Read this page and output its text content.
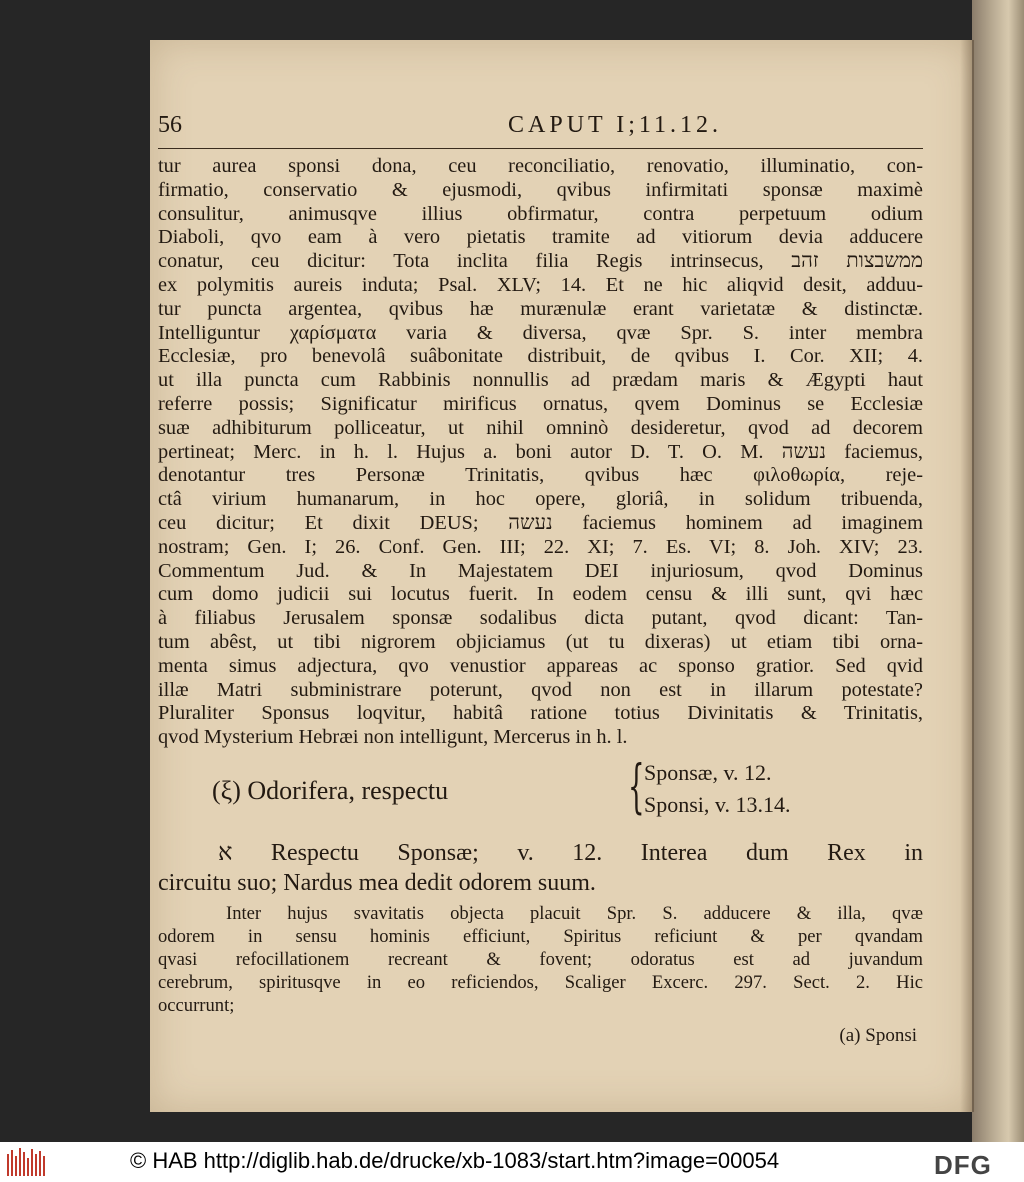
56	CAPUT I;11.12.
tur aurea sponsi dona, ceu reconciliatio, renovatio, illuminatio, con-
firmatio, conservatio & ejusmodi, qvibus infirmitati sponsæ maximè
consulitur, animusqve illius obfirmatur, contra perpetuum odium
Diaboli, qvo eam à vero pietatis tramite ad vitiorum devia adducere
conatur, ceu dicitur: Tota inclita filia Regis intrinsecus, ממשבצות זהב
ex polymitis aureis induta; Psal. XLV; 14. Et ne hic aliqvid desit, adduu-
tur puncta argentea, qvibus hæ murænulæ erant varietatæ & distinctæ.
Intelliguntur χαρίσματα varia & diversa, qvæ Spr. S. inter membra
Ecclesiæ, pro benevolâ suâbonitate distribuit, de qvibus I. Cor. XII; 4.
ut illa puncta cum Rabbinis nonnullis ad prædam maris & Ægypti haut
referre possis; Significatur mirificus ornatus, qvem Dominus se Ecclesiæ
suæ adhibiturum polliceatur, ut nihil omninò desideretur, qvod ad decorem
pertineat; Merc. in h. l. Hujus a. boni autor D. T. O. M. נעשה faciemus,
denotantur tres Personæ Trinitatis, qvibus hæc φιλοθωρία, reje-
ctâ virium humanarum, in hoc opere, gloriâ, in solidum tribuenda,
ceu dicitur; Et dixit DEUS; נעשה faciemus hominem ad imaginem
nostram; Gen. I; 26. Conf. Gen. III; 22. XI; 7. Es. VI; 8. Joh. XIV; 23.
Commentum Jud. & In Majestatem DEI injuriosum, qvod Dominus
cum domo judicii sui locutus fuerit. In eodem censu & illi sunt, qvi hæc
à filiabus Jerusalem sponsæ sodalibus dicta putant, qvod dicant: Tan-
tum abêst, ut tibi nigrorem objiciamus (ut tu dixeras) ut etiam tibi orna-
menta simus adjectura, qvo venustior appareas ac sponso gratior. Sed qvid
illæ Matri subministrare poterunt, qvod non est in illarum potestate?
Pluraliter Sponsus loqvitur, habitâ ratione totius Divinitatis & Trinitatis,
qvod Mysterium Hebræi non intelligunt, Mercerus in h. l.
(ξ) Odorifera, respectu	{ Sponsæ, v. 12.
Sponsi, v. 13.14.
א Respectu Sponsæ; v. 12. Interea dum Rex in
circuitu suo; Nardus mea dedit odorem suum.
Inter hujus svavitatis objecta placuit Spr. S. adducere & illa, qvæ
odorem in sensu hominis efficiunt, Spiritus reficiunt & per qvandam
qvasi refocillationem recreant & fovent; odoratus est ad juvandum
cerebrum, spiritusqve in eo reficiendos, Scaliger Excerc. 297. Sect. 2. Hic
occurrunt;
(a) Sponsi
© HAB http://diglib.hab.de/drucke/xb-1083/start.htm?image=00054	DFG
